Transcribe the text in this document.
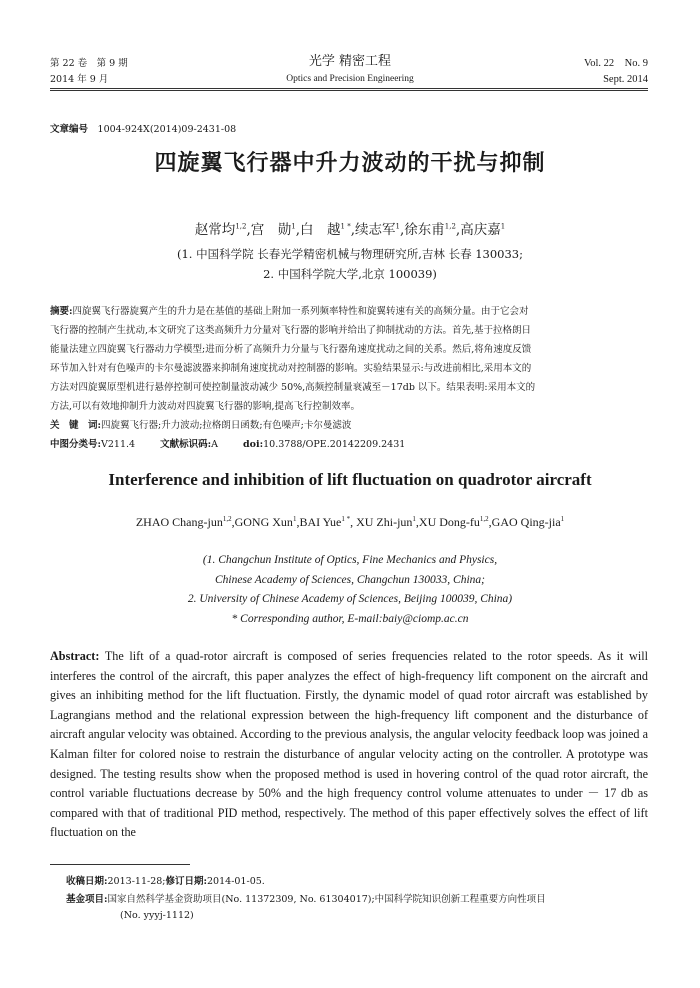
第 22 卷　第 9 期
2014 年 9 月
光学 精密工程
Optics and Precision Engineering
Vol. 22　No. 9
Sept. 2014
文章编号　 1004-924X(2014)09-2431-08
四旋翼飞行器中升力波动的干扰与抑制
赵常均$^{1,2}$,宫　勋$^1$,白　越$^{1 *}$,续志军$^1$,徐东甫$^{1,2}$,高庆嘉$^1$
(1. 中国科学院 长春光学精密机械与物理研究所,吉林 长春 130033;
2. 中国科学院大学,北京 100039)
摘要:四旋翼飞行器旋翼产生的升力是在基值的基础上附加一系列频率特性和旋翼转速有关的高频分量。由于它会对
飞行器的控制产生扰动,本文研究了这类高频升力分量对飞行器的影响并给出了抑制扰动的方法。首先,基于拉格朗日
能量法建立四旋翼飞行器动力学模型;进而分析了高频升力分量与飞行器角速度扰动之间的关系。然后,将角速度反馈
环节加入针对有色噪声的卡尔曼滤波器来抑制角速度扰动对控制器的影响。实验结果显示:与改进前相比,采用本文的
方法对四旋翼原型机进行悬停控制可使控制量波动减少 50%,高频控制量衰减至－17db 以下。结果表明:采用本文的
方法,可以有效地抑制升力波动对四旋翼飞行器的影响,提高飞行控制效率。
关　键　词:四旋翼飞行器;升力波动;拉格朗日函数;有色噪声;卡尔曼滤波
中图分类号:V211.4	文献标识码:A	doi:10.3788/OPE.20142209.2431
Interference and inhibition of lift fluctuation on quadrotor aircraft
ZHAO Chang-jun$^{1,2}$,GONG Xun$^1$,BAI Yue$^{1 *}$, XU Zhi-jun$^1$,XU Dong-fu$^{1,2}$,GAO Qing-jia$^1$
(1. Changchun Institute of Optics, Fine Mechanics and Physics,
Chinese Academy of Sciences, Changchun 130033, China;
2. University of Chinese Academy of Sciences, Beijing 100039, China)
* Corresponding author, E-mail:baiy@ciomp.ac.cn
Abstract: The lift of a quad-rotor aircraft is composed of series frequencies related to the rotor speeds. As it will interferes the control of the aircraft, this paper analyzes the effect of high-frequency lift component on the aircraft and gives an inhibiting method for the lift fluctuation. Firstly, the dynamic model of quad rotor aircraft was established by Lagrangians method and the relational expression between the high-frequency lift component and the disturbance of aircraft angular velocity was obtained. According to the previous analysis, the angular velocity feedback loop was joined a Kalman filter for colored noise to restrain the disturbance of angular velocity acting on the controller. A prototype was designed. The testing results show when the proposed method is used in hovering control of the quad rotor aircraft, the control variable fluctuations decrease by 50% and the high frequency control volume attenuates to under － 17 db as compared with that of traditional PID method, respectively. The method of this paper effectively solves the effect of lift fluctuation on the
收稿日期:2013-11-28;修订日期:2014-01-05.
基金项目:国家自然科学基金资助项目(No. 11372309, No. 61304017);中国科学院知识创新工程重要方向性项目
(No. yyyj-1112)
